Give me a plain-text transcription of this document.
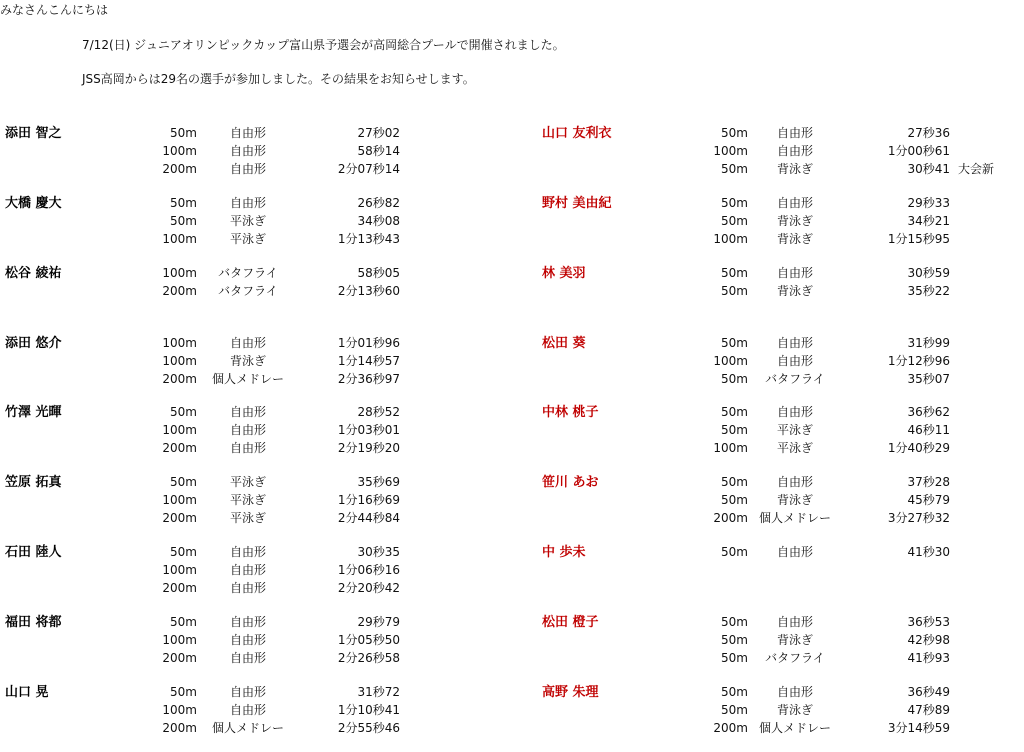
みなさんこんにちは
7/12(日) ジュニアオリンピックカップ富山県予選会が高岡総合プールで開催されました。
JSS高岡からは29名の選手が参加しました。その結果をお知らせします。
添田 智之	50m	自由形	27秒02
100m	自由形	58秒14
200m	自由形	2分07秒14
大橋 慶大	50m	自由形	26秒82
50m	平泳ぎ	34秒08
100m	平泳ぎ	1分13秒43
松谷 綾祐	100m	バタフライ	58秒05
200m	バタフライ	2分13秒60
添田 悠介	100m	自由形	1分01秒96
100m	背泳ぎ	1分14秒57
200m	個人メドレー	2分36秒97
竹澤 光暉	50m	自由形	28秒52
100m	自由形	1分03秒01
200m	自由形	2分19秒20
笠原 拓真	50m	平泳ぎ	35秒69
100m	平泳ぎ	1分16秒69
200m	平泳ぎ	2分44秒84
石田 陸人	50m	自由形	30秒35
100m	自由形	1分06秒16
200m	自由形	2分20秒42
福田 将都	50m	自由形	29秒79
100m	自由形	1分05秒50
200m	自由形	2分26秒58
山口 晃	50m	自由形	31秒72
100m	自由形	1分10秒41
200m	個人メドレー	2分55秒46
山口 友利衣	50m	自由形	27秒36
100m	自由形	1分00秒61
50m	背泳ぎ	30秒41 大会新
野村 美由紀	50m	自由形	29秒33
50m	背泳ぎ	34秒21
100m	背泳ぎ	1分15秒95
林 美羽	50m	自由形	30秒59
50m	背泳ぎ	35秒22
松田 葵	50m	自由形	31秒99
100m	自由形	1分12秒96
50m	バタフライ	35秒07
中林 桃子	50m	自由形	36秒62
50m	平泳ぎ	46秒11
100m	平泳ぎ	1分40秒29
笹川 あお	50m	自由形	37秒28
50m	背泳ぎ	45秒79
200m 個人メドレー	3分27秒32
中 歩未	50m	自由形	41秒30
松田 橙子	50m	自由形	36秒53
50m	背泳ぎ	42秒98
50m	バタフライ	41秒93
高野 朱理	50m	自由形	36秒49
50m	背泳ぎ	47秒89
200m 個人メドレー	3分14秒59
